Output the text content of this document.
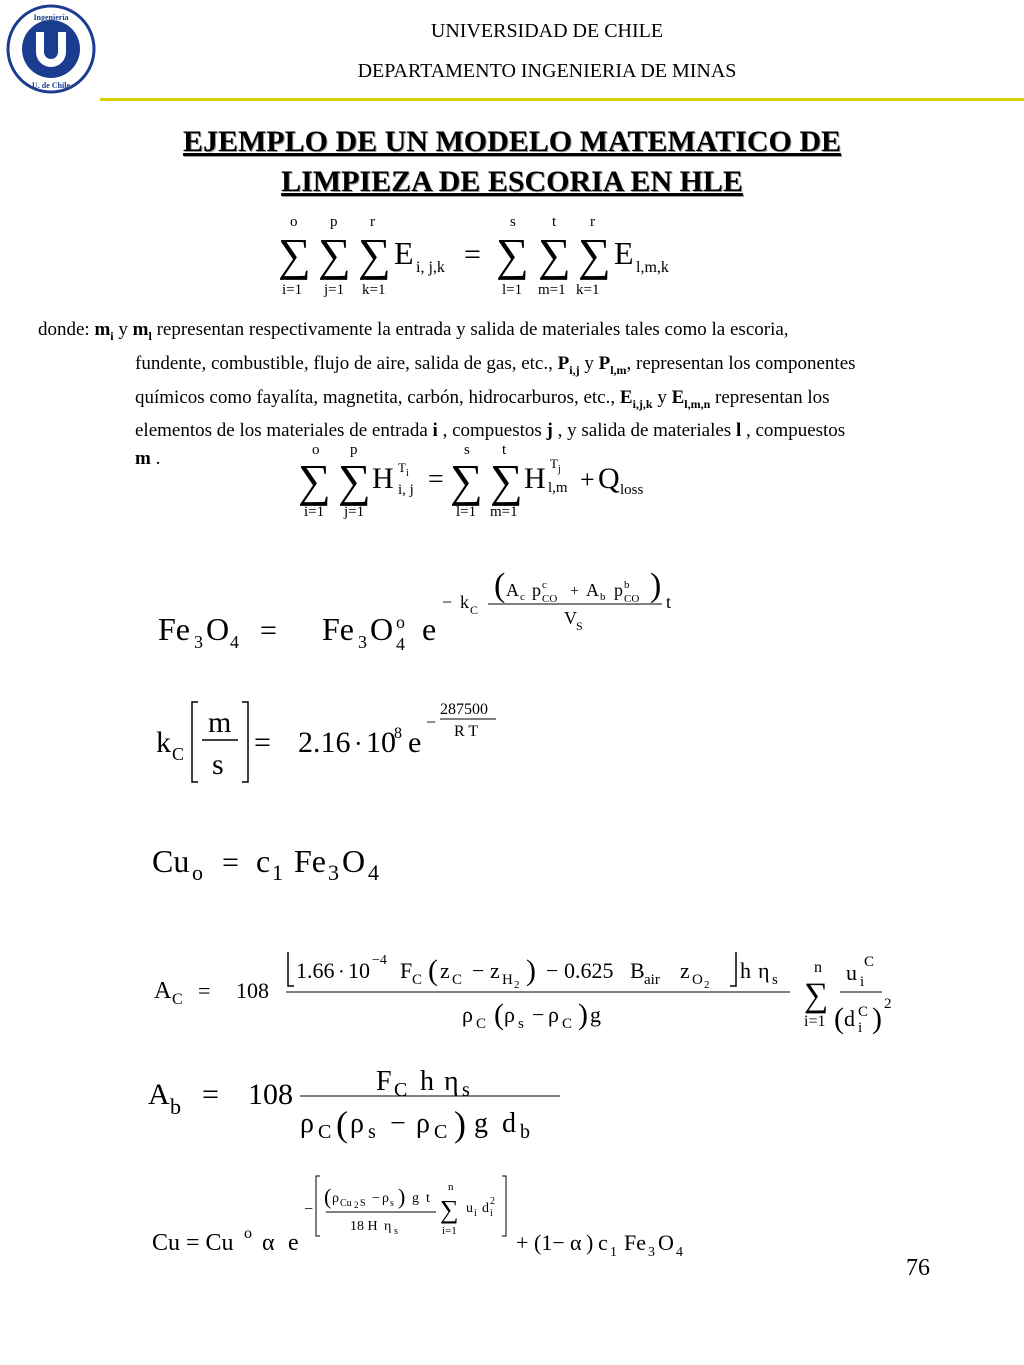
Ingeniería
U. de Chile
UNIVERSIDAD DE CHILE
DEPARTAMENTO INGENIERIA DE MINAS
EJEMPLO DE UN MODELO MATEMATICO DE
LIMPIEZA DE ESCORIA EN HLE
∑ ∑ ∑ ∑ ∑ ∑
o p r	s t r
i=1 j=1 k=1	l=1 m=1 k=1
E i, j,k =	E l,m,k
donde: $m_i$ y $m_l$ representan respectivamente la entrada y salida de materiales tales como la escoria,
fundente, combustible, flujo de aire, salida de gas, etc., $P_{i,j}$ y $P_{l,m}$, representan los componentes
químicos como fayalíta, magnetita, carbón, hidrocarburos, etc., $E_{i,j,k}$ y $E_{l,m,n}$ representan los
elementos de los materiales de entrada i , compuestos j , y salida de materiales l , compuestos
m .	∑ ∑ ∑ ∑
o p	s t
i=1 j=1	l=1 m=1
H T i
i, j =	H T j
l,m + Q loss
( A c p c
CO + A b p b
CO )
− k C	V S
t
Fe 3 O 4 = Fe 3 O o
4 e
287500
− R T
k C
m
s
= 2.16 · 10
8 e
Cu o = c 1 Fe 3 O 4
1.66 · 10 −4 F C ( z C − z H 2 ) − 0.625 B air z O 2
h η s
ρ C ( ρ s − ρ C ) g
A C = 108
n
∑
i=1
u C
i
( d C
i ) 2
F C h η s
A b = 108
ρ C ( ρ s − ρ C ) g d b
( ρ Cu 2 S − ρ s ) g t
18 H η s
−
n
∑
i=1
u i d 2
i
Cu = Cu o α e	+ (1− α ) c 1 Fe 3 O 4
76
